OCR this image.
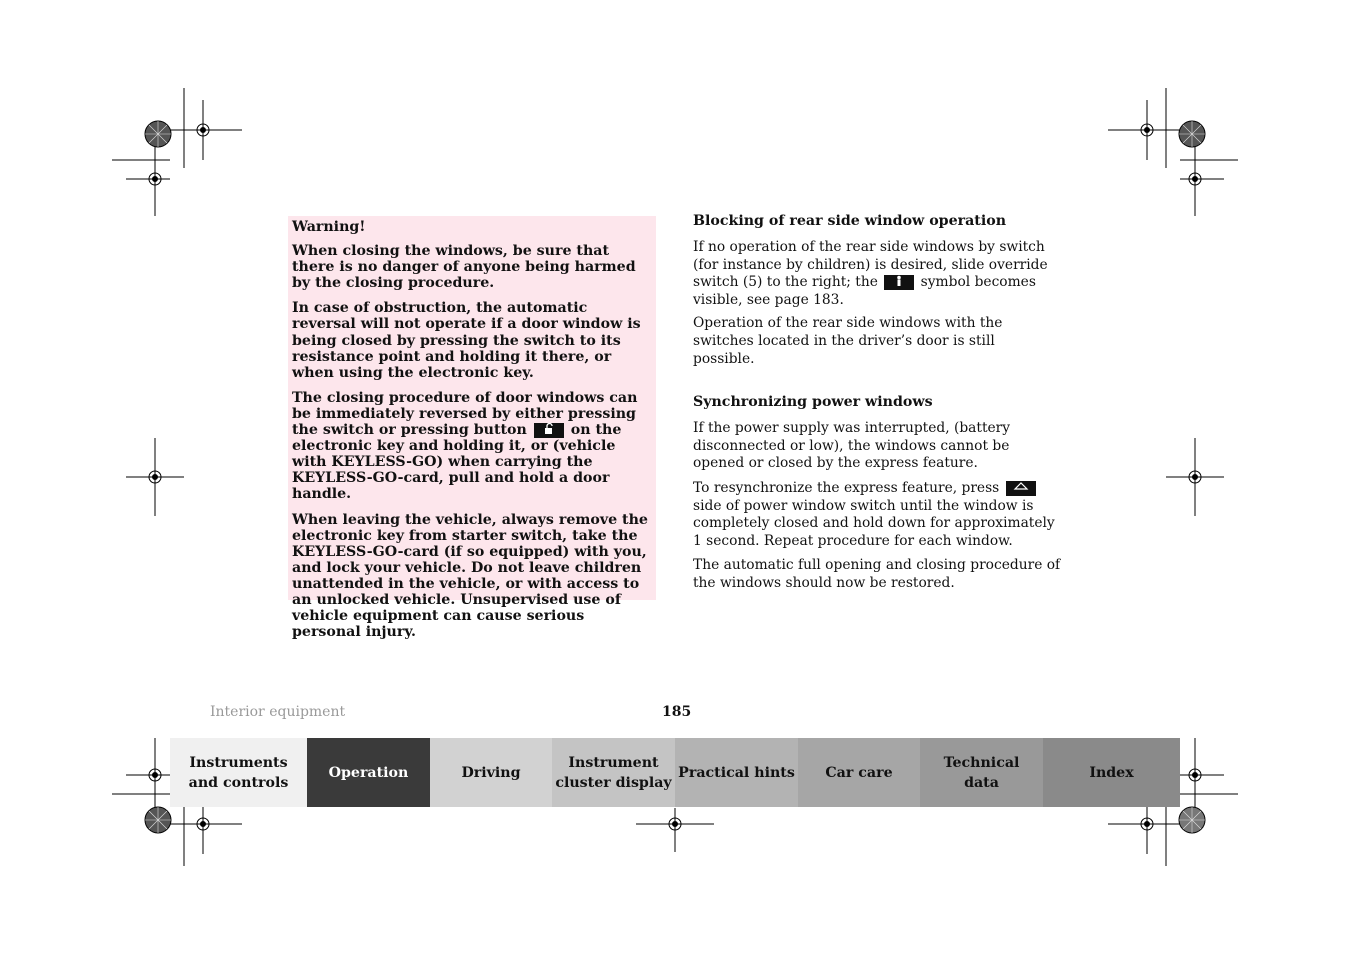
Warning!

When closing the windows, be sure that there is no danger of anyone being harmed by the closing procedure.

In case of obstruction, the automatic reversal will not operate if a door window is being closed by pressing the switch to its resistance point and holding it there, or when using the electronic key.

The closing procedure of door windows can be immediately reversed by either pressing the switch or pressing button	on the electronic key and holding it, or (vehicle with KEYLESS-GO) when carrying the KEYLESS-GO-card, pull and hold a door handle.

When leaving the vehicle, always remove the electronic key from starter switch, take the KEYLESS-GO-card (if so equipped) with you, and lock your vehicle. Do not leave children unattended in the vehicle, or with access to an unlocked vehicle. Unsupervised use of vehicle equipment can cause serious personal injury.

Blocking of rear side window operation

If no operation of the rear side windows by switch (for instance by children) is desired, slide override switch (5) to the right; the	symbol becomes visible, see page 183.

Operation of the rear side windows with the switches located in the driver’s door is still possible.

Synchronizing power windows

If the power supply was interrupted, (battery disconnected or low), the windows cannot be opened or closed by the express feature.

To resynchronize the express feature, press  side of power window switch until the window is completely closed and hold down for approximately 1 second. Repeat procedure for each window.

The automatic full opening and closing procedure of the windows should now be restored.

Interior equipment	185
Instruments
and controls
Operation	Driving
Instrument
cluster display
Practical hints	Car care
Technical
data
Index
